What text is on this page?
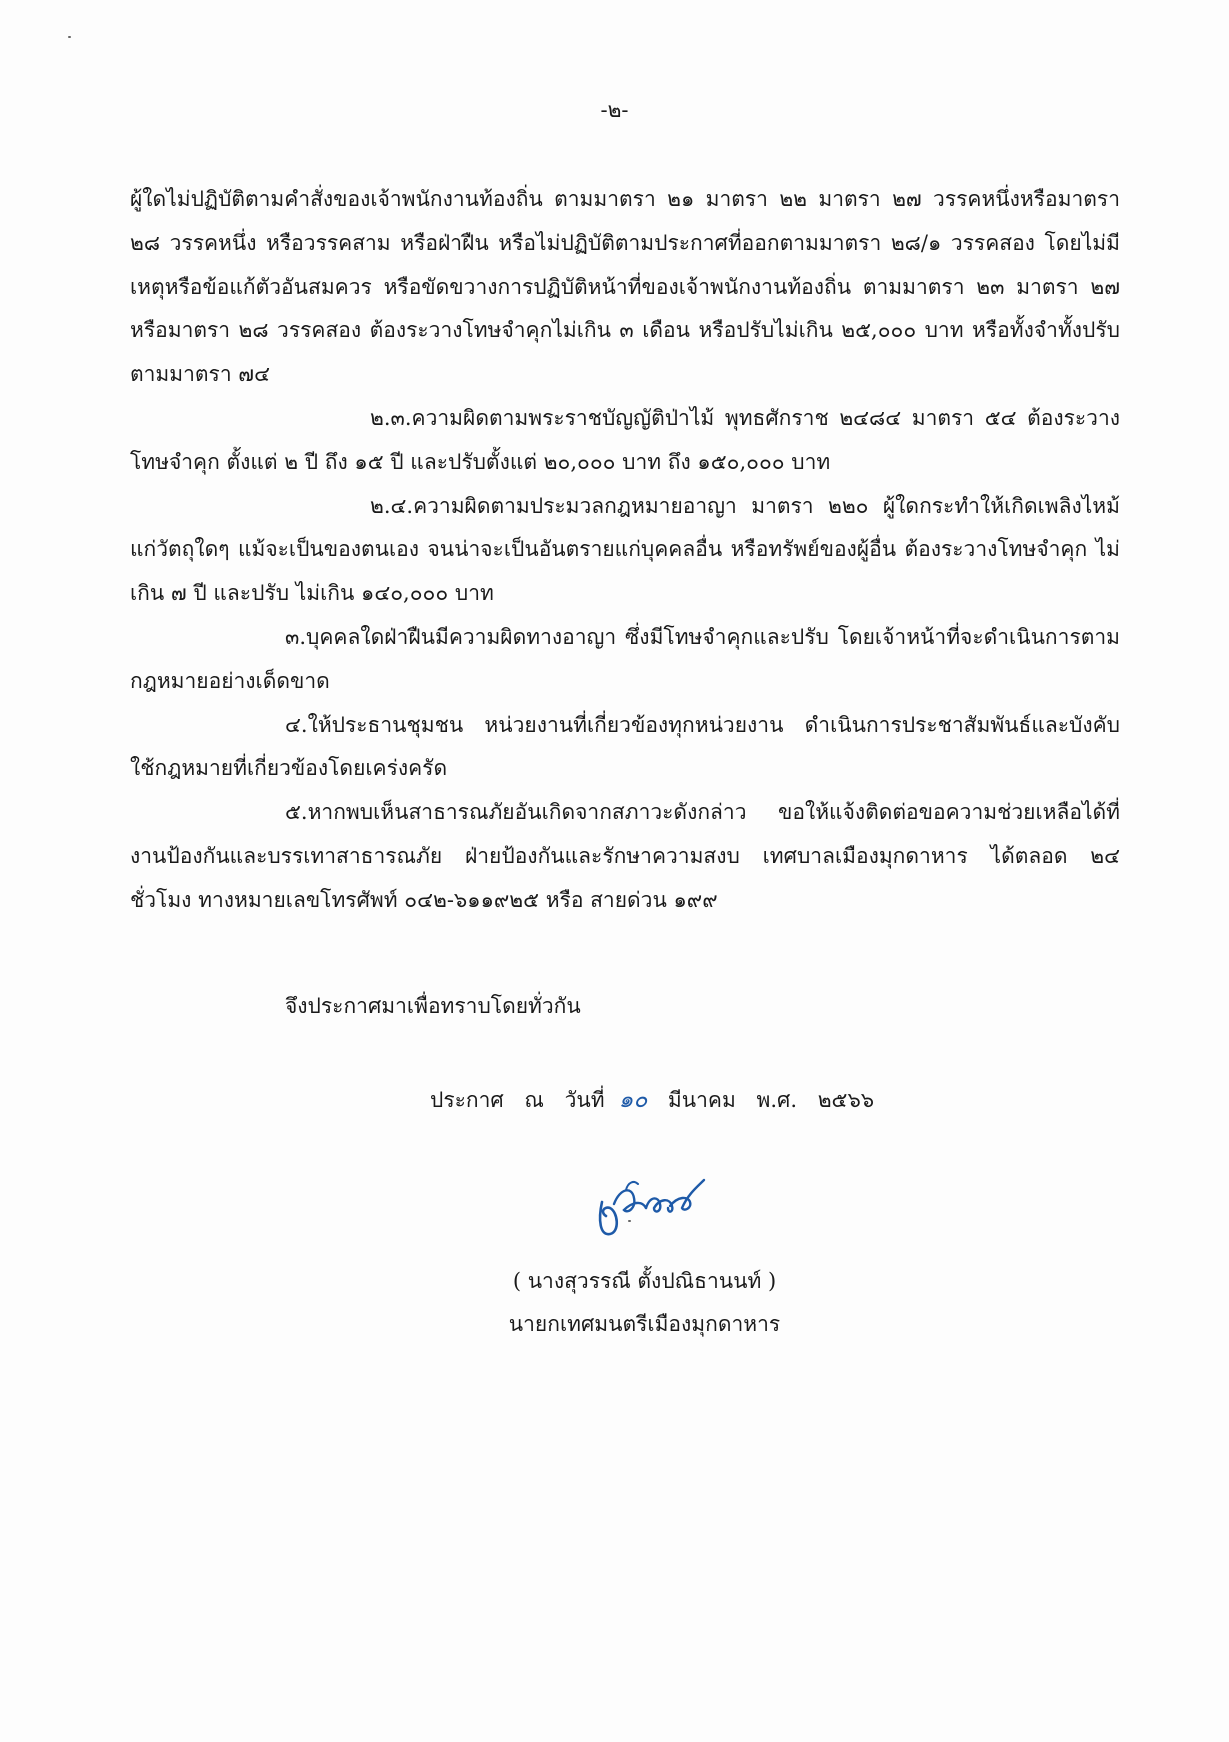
-๒-

ผู้ใดไม่ปฏิบัติตามคำสั่งของเจ้าพนักงานท้องถิ่น ตามมาตรา ๒๑ มาตรา ๒๒ มาตรา ๒๗ วรรคหนึ่งหรือมาตรา ๒๘ วรรคหนึ่ง หรือวรรคสาม หรือฝ่าฝืน หรือไม่ปฏิบัติตามประกาศที่ออกตามมาตรา ๒๘/๑ วรรคสอง โดยไม่มีเหตุหรือข้อแก้ตัวอันสมควร หรือขัดขวางการปฏิบัติหน้าที่ของเจ้าพนักงานท้องถิ่น ตามมาตรา ๒๓ มาตรา ๒๗ หรือมาตรา ๒๘ วรรคสอง ต้องระวางโทษจำคุกไม่เกิน ๓ เดือน หรือปรับไม่เกิน ๒๕,๐๐๐ บาท หรือทั้งจำทั้งปรับ ตามมาตรา ๗๔

๒.๓.ความผิดตามพระราชบัญญัติป่าไม้ พุทธศักราช ๒๔๘๔ มาตรา ๕๔ ต้องระวาง โทษจำคุก ตั้งแต่ ๒ ปี ถึง ๑๕ ปี และปรับตั้งแต่ ๒๐,๐๐๐ บาท ถึง ๑๕๐,๐๐๐ บาท

๒.๔.ความผิดตามประมวลกฎหมายอาญา มาตรา ๒๒๐ ผู้ใดกระทำให้เกิดเพลิงไหม้ แก่วัตถุใดๆ แม้จะเป็นของตนเอง จนน่าจะเป็นอันตรายแก่บุคคลอื่น หรือทรัพย์ของผู้อื่น ต้องระวางโทษจำคุก ไม่เกิน ๗ ปี และปรับ ไม่เกิน ๑๔๐,๐๐๐ บาท

๓.บุคคลใดฝ่าฝืนมีความผิดทางอาญา ซึ่งมีโทษจำคุกและปรับ โดยเจ้าหน้าที่จะดำเนินการตาม กฎหมายอย่างเด็ดขาด

๔.ให้ประธานชุมชน หน่วยงานที่เกี่ยวข้องทุกหน่วยงาน ดำเนินการประชาสัมพันธ์และบังคับ ใช้กฎหมายที่เกี่ยวข้องโดยเคร่งครัด

๕.หากพบเห็นสาธารณภัยอันเกิดจากสภาวะดังกล่าว ขอให้แจ้งติดต่อขอความช่วยเหลือได้ที่ งานป้องกันและบรรเทาสาธารณภัย ฝ่ายป้องกันและรักษาความสงบ เทศบาลเมืองมุกดาหาร ได้ตลอด ๒๔ ชั่วโมง ทางหมายเลขโทรศัพท์ ๐๔๒-๖๑๑๙๒๕ หรือ สายด่วน ๑๙๙

จึงประกาศมาเพื่อทราบโดยทั่วกัน
ประกาศ ณ วันที่ ๑๐ มีนาคม พ.ศ. ๒๕๖๖
( นางสุวรรณี ตั้งปณิธานนท์ )
นายกเทศมนตรีเมืองมุกดาหาร
